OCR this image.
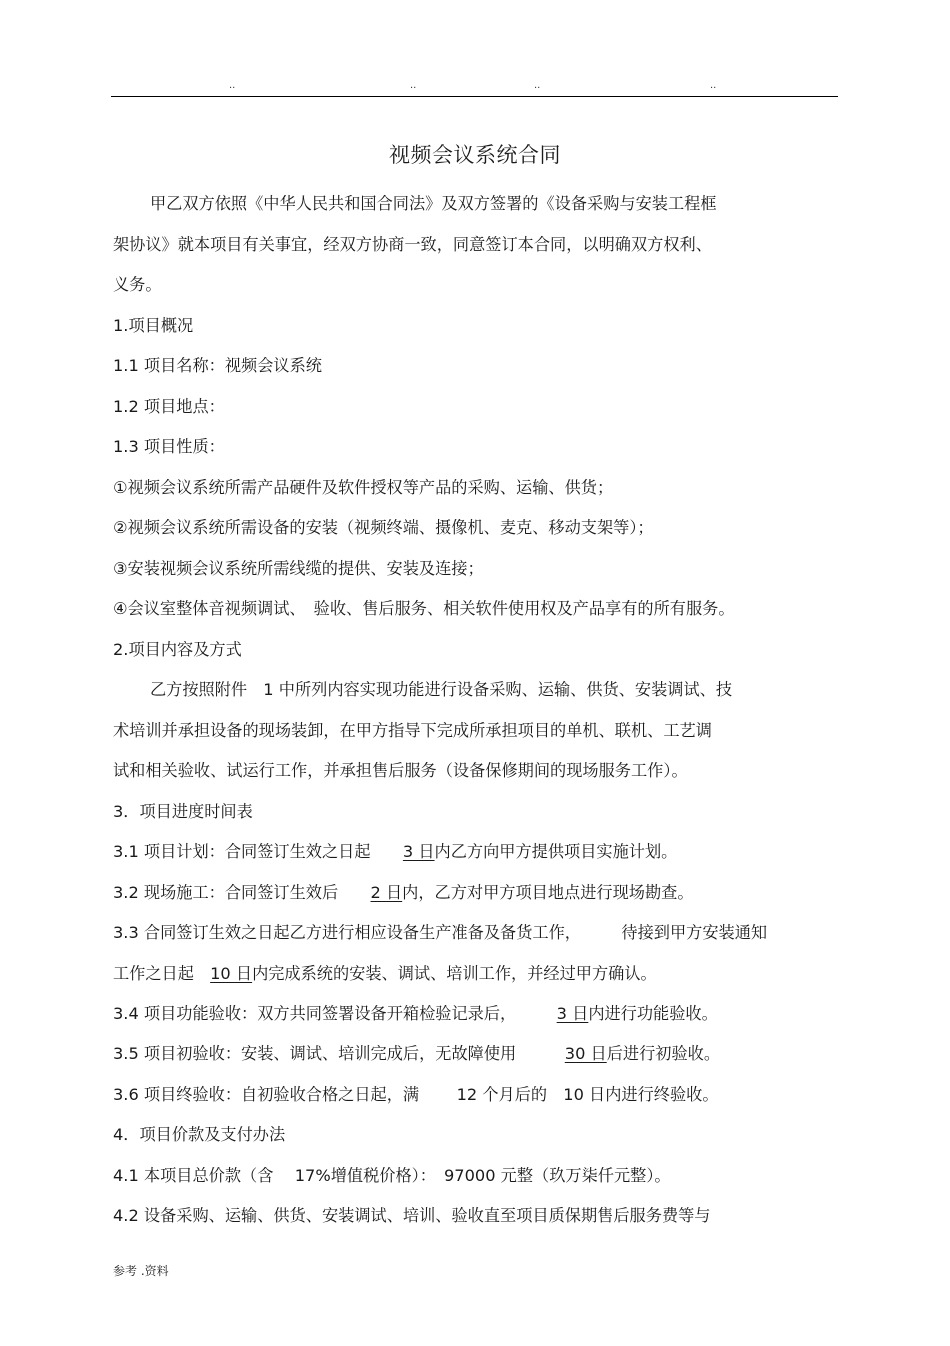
..	..	..	..
视频会议系统合同
甲乙双方依照《中华人民共和国合同法》及双方签署的《设备采购与安装工程框
架协议》就本项目有关事宜，经双方协商一致，同意签订本合同，以明确双方权利、
义务。
1.项目概况
1.1 项目名称：视频会议系统
1.2 项目地点：
1.3 项目性质：
①视频会议系统所需产品硬件及软件授权等产品的采购、运输、供货；
②视频会议系统所需设备的安装（视频终端、摄像机、麦克、移动支架等）；
③安装视频会议系统所需线缆的提供、安装及连接；
④会议室整体音视频调试、　验收、售后服务、相关软件使用权及产品享有的所有服务。
2.项目内容及方式
乙方按照附件　1 中所列内容实现功能进行设备采购、运输、供货、安装调试、技
术培训并承担设备的现场装卸，在甲方指导下完成所承担项目的单机、联机、工艺调
试和相关验收、试运行工作，并承担售后服务（设备保修期间的现场服务工作）。
3．项目进度时间表
3.1 项目计划：合同签订生效之日起　　3 日内乙方向甲方提供项目实施计划。
3.2 现场施工：合同签订生效后　　2 日内，乙方对甲方项目地点进行现场勘查。
3.3 合同签订生效之日起乙方进行相应设备生产准备及备货工作，　　　待接到甲方安装通知
工作之日起　10 日内完成系统的安装、调试、培训工作，并经过甲方确认。
3.4 项目功能验收：双方共同签署设备开箱检验记录后，　　　3 日内进行功能验收。
3.5 项目初验收：安装、调试、培训完成后，无故障使用　　　30 日后进行初验收。
3.6 项目终验收：自初验收合格之日起，满　　 12 个月后的　10 日内进行终验收。
4．项目价款及支付办法
4.1 本项目总价款（含　 17%增值税价格）：　97000 元整（玖万柒仟元整）。
4.2 设备采购、运输、供货、安装调试、培训、验收直至项目质保期售后服务费等与
参考 .资料
